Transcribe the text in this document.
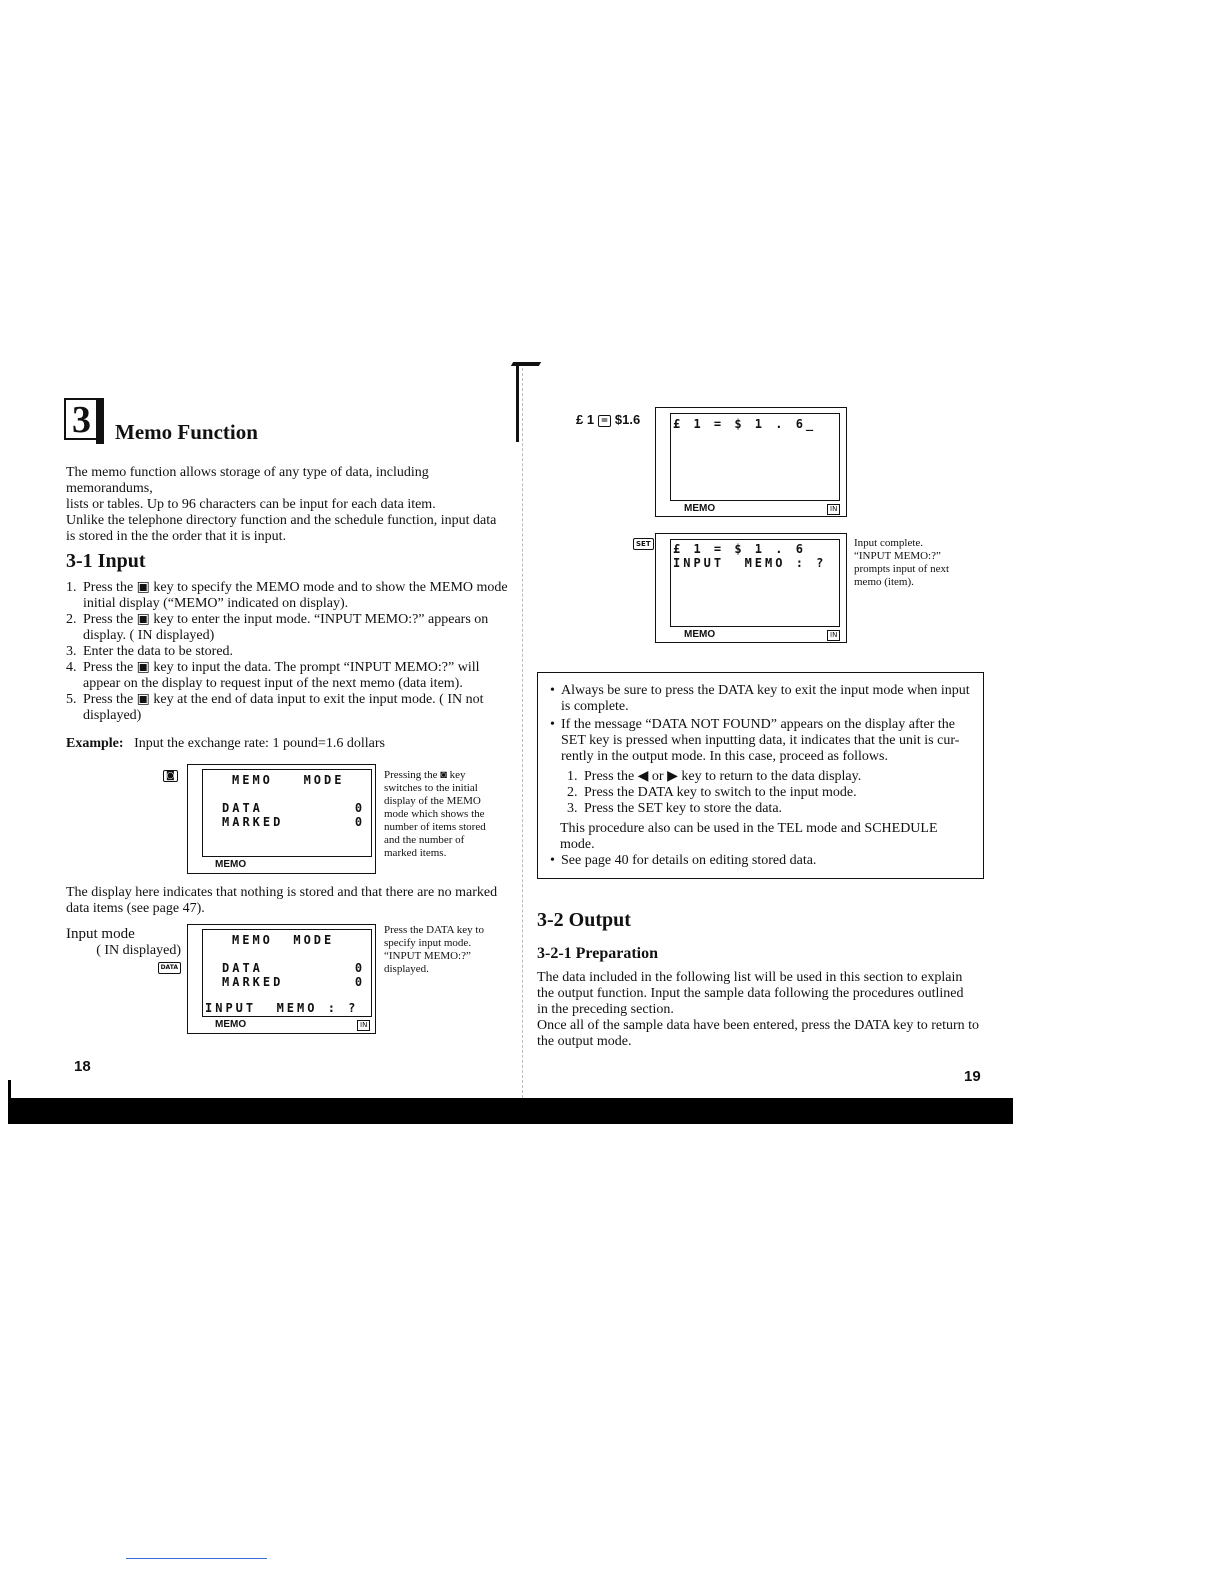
3 Memo Function
The memo function allows storage of any type of data, including memorandums,
lists or tables. Up to 96 characters can be input for each data item.
Unlike the telephone directory function and the schedule function, input data
is stored in the the order that it is input.
3-1 Input
1. Press the ▣ key to specify the MEMO mode and to show the MEMO mode
initial display (“MEMO” indicated on display).
2. Press the ▣ key to enter the input mode. “INPUT MEMO:?” appears on
display. ( IN displayed)
3. Enter the data to be stored.
4. Press the ▣ key to input the data. The prompt “INPUT MEMO:?” will
appear on the display to request input of the next memo (data item).
5. Press the ▣ key at the end of data input to exit the input mode. ( IN not
displayed)
Example: Input the exchange rate: 1 pound=1.6 dollars
◙	MEMO   MODE
DATA         0
MARKED       0
MEMO
Pressing the ◙ key
switches to the initial
display of the MEMO
mode which shows the
number of items stored
and the number of
marked items.
The display here indicates that nothing is stored and that there are no marked
data items (see page 47).
Input mode
( IN displayed)
DATA
MEMO  MODE
DATA         0
MARKED       0
INPUT  MEMO : ?
MEMO	IN
Press the DATA key to
specify input mode.
“INPUT MEMO:?”
displayed.
18
£ 1 = $1.6	£ 1 = $ 1 . 6_
MEMO	IN
SET £ 1 = $ 1 . 6
INPUT  MEMO : ?
MEMO	IN
Input complete.
“INPUT MEMO:?”
prompts input of next
memo (item).
• Always be sure to press the DATA key to exit the input mode when input
is complete.
• If the message “DATA NOT FOUND” appears on the display after the
SET key is pressed when inputting data, it indicates that the unit is cur-
rently in the output mode. In this case, proceed as follows.
1. Press the ◀ or ▶ key to return to the data display.
2. Press the DATA key to switch to the input mode.
3. Press the SET key to store the data.
This procedure also can be used in the TEL mode and SCHEDULE
mode.
• See page 40 for details on editing stored data.
3-2 Output
3-2-1 Preparation
The data included in the following list will be used in this section to explain
the output function. Input the sample data following the procedures outlined
in the preceding section.
Once all of the sample data have been entered, press the DATA key to return to
the output mode.
19
